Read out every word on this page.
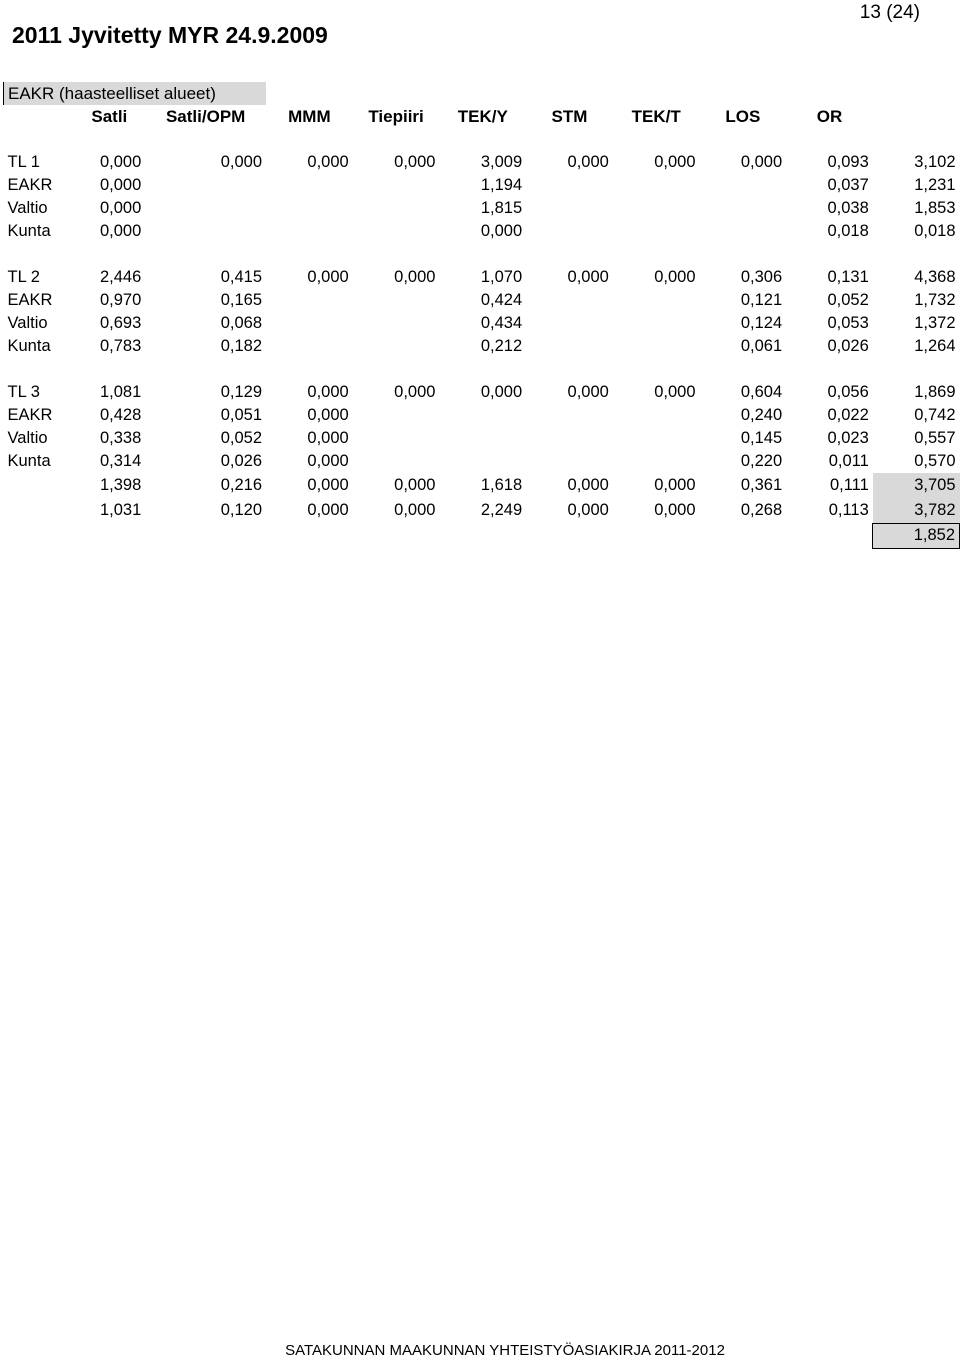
13 (24)
2011 Jyvitetty MYR 24.9.2009
EAKR (haasteelliset alueet)										
	Satli	Satli/OPM	MMM	Tiepiiri	TEK/Y	STM	TEK/T	LOS	OR	

TL 1	0,000	0,000	0,000	0,000	3,009	0,000	0,000	0,000	0,093	3,102
EAKR	0,000				1,194				0,037	1,231
Valtio	0,000				1,815				0,038	1,853
Kunta	0,000				0,000				0,018	0,018

TL 2	2,446	0,415	0,000	0,000	1,070	0,000	0,000	0,306	0,131	4,368
EAKR	0,970	0,165			0,424			0,121	0,052	1,732
Valtio	0,693	0,068			0,434			0,124	0,053	1,372
Kunta	0,783	0,182			0,212			0,061	0,026	1,264

TL 3	1,081	0,129	0,000	0,000	0,000	0,000	0,000	0,604	0,056	1,869
EAKR	0,428	0,051	0,000					0,240	0,022	0,742
Valtio	0,338	0,052	0,000					0,145	0,023	0,557
Kunta	0,314	0,026	0,000					0,220	0,011	0,570
	1,398	0,216	0,000	0,000	1,618	0,000	0,000	0,361	0,111	3,705
	1,031	0,120	0,000	0,000	2,249	0,000	0,000	0,268	0,113	3,782
										1,852
SATAKUNNAN MAAKUNNAN YHTEISTYÖASIAKIRJA 2011-2012
